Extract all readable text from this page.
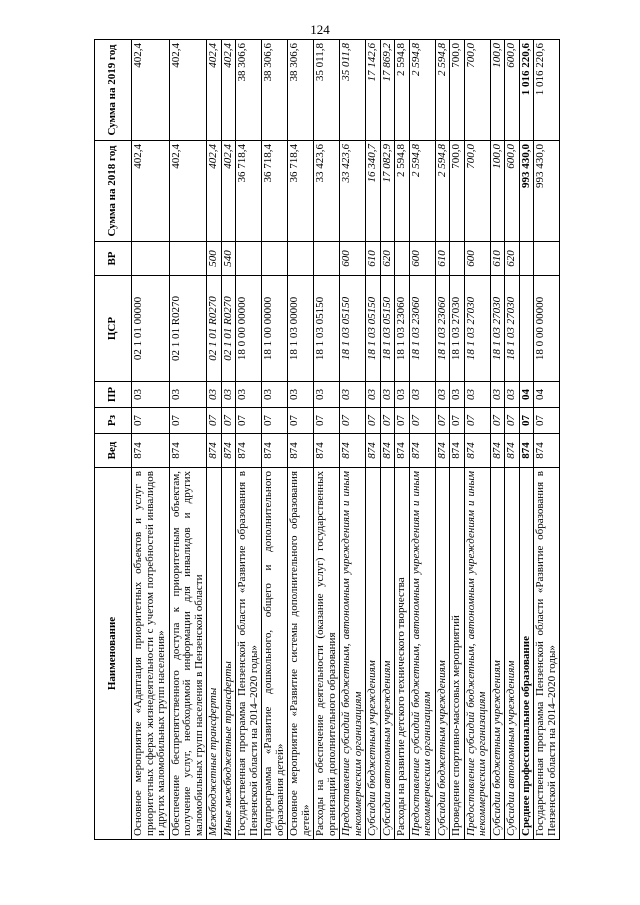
124
Наименование	Вед	Рз	ПР	ЦСР	ВР	Сумма на 2018 год	Сумма на 2019 год
Основное мероприятие «Адаптация приоритетных объектов и услуг в приоритетных сферах жизнедеятельности с учетом потребностей инвалидов и других маломобильных групп населения»	874	07	03	02 1 01 00000		402,4	402,4
Обеспечение беспрепятственного доступа к приоритетным объектам, получение услуг, необходимой информации для инвалидов и других маломобильных групп населения в Пензенской области	874	07	03	02 1 01 R0270		402,4	402,4
Межбюджетные трансферты	874	07	03	02 1 01 R0270	500	402,4	402,4
Иные межбюджетные трансферты	874	07	03	02 1 01 R0270	540	402,4	402,4
Государственная программа Пензенской области «Развитие образования в Пензенской области на 2014–2020 годы»	874	07	03	18 0 00 00000		36 718,4	38 306,6
Подпрограмма «Развитие дошкольного, общего и дополнительного образования детей»	874	07	03	18 1 00 00000		36 718,4	38 306,6
Основное мероприятие «Развитие системы дополнительного образования детей»	874	07	03	18 1 03 00000		36 718,4	38 306,6
Расходы на обеспечение деятельности (оказание услуг) государственных организаций дополнительного образования	874	07	03	18 1 03 05150		33 423,6	35 011,8
Предоставление субсидий бюджетным, автономным учреждениям и иным некоммерческим организациям	874	07	03	18 1 03 05150	600	33 423,6	35 011,8
Субсидии бюджетным учреждениям	874	07	03	18 1 03 05150	610	16 340,7	17 142,6
Субсидии автономным учреждениям	874	07	03	18 1 03 05150	620	17 082,9	17 869,2
Расходы на развитие детского технического творчества	874	07	03	18 1 03 23060		2 594,8	2 594,8
Предоставление субсидий бюджетным, автономным учреждениям и иным некоммерческим организациям	874	07	03	18 1 03 23060	600	2 594,8	2 594,8
Субсидии бюджетным учреждениям	874	07	03	18 1 03 23060	610	2 594,8	2 594,8
Проведение спортивно-массовых мероприятий	874	07	03	18 1 03 27030		700,0	700,0
Предоставление субсидий бюджетным, автономным учреждениям и иным некоммерческим организациям	874	07	03	18 1 03 27030	600	700,0	700,0
Субсидии бюджетным учреждениям	874	07	03	18 1 03 27030	610	100,0	100,0
Субсидии автономным учреждениям	874	07	03	18 1 03 27030	620	600,0	600,0
Среднее профессиональное образование	874	07	04			993 430,0	1 016 220,6
Государственная программа Пензенской области «Развитие образования в Пензенской области на 2014–2020 годы»	874	07	04	18 0 00 00000		993 430,0	1 016 220,6
